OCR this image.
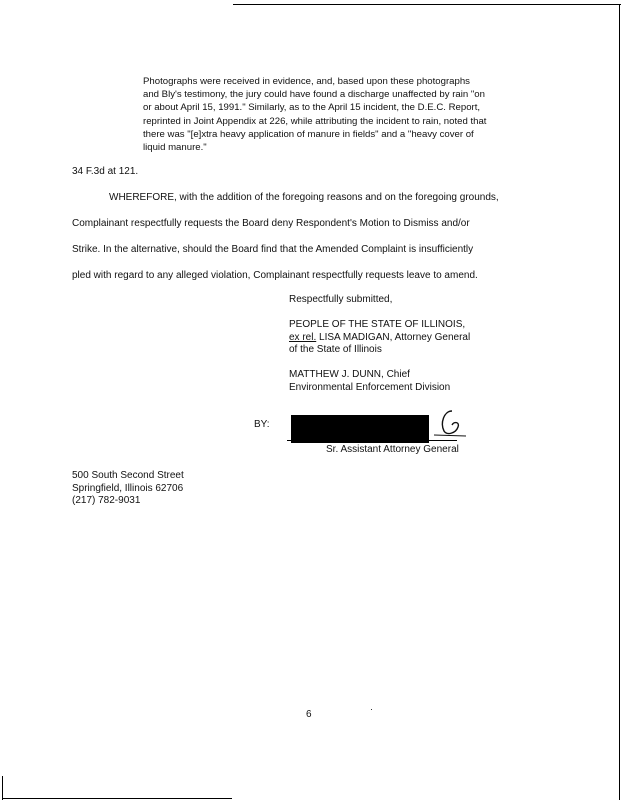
Photographs were received in evidence, and, based upon these photographs
and Bly's testimony, the jury could have found a discharge unaffected by rain "on
or about April 15, 1991." Similarly, as to the April 15 incident, the D.E.C. Report,
reprinted in Joint Appendix at 226, while attributing the incident to rain, noted that
there was "[e]xtra heavy application of manure in fields" and a "heavy cover of
liquid manure."
34 F.3d at 121.
WHEREFORE, with the addition of the foregoing reasons and on the foregoing grounds,
Complainant respectfully requests the Board deny Respondent's Motion to Dismiss and/or
Strike. In the alternative, should the Board find that the Amended Complaint is insufficiently
pled with regard to any alleged violation, Complainant respectfully requests leave to amend.
Respectfully submitted,
PEOPLE OF THE STATE OF ILLINOIS,
ex rel. LISA MADIGAN, Attorney General
of the State of Illinois
MATTHEW J. DUNN, Chief
Environmental Enforcement Division
BY:
Sr. Assistant Attorney General
500 South Second Street
Springfield, Illinois 62706
(217) 782-9031
6
